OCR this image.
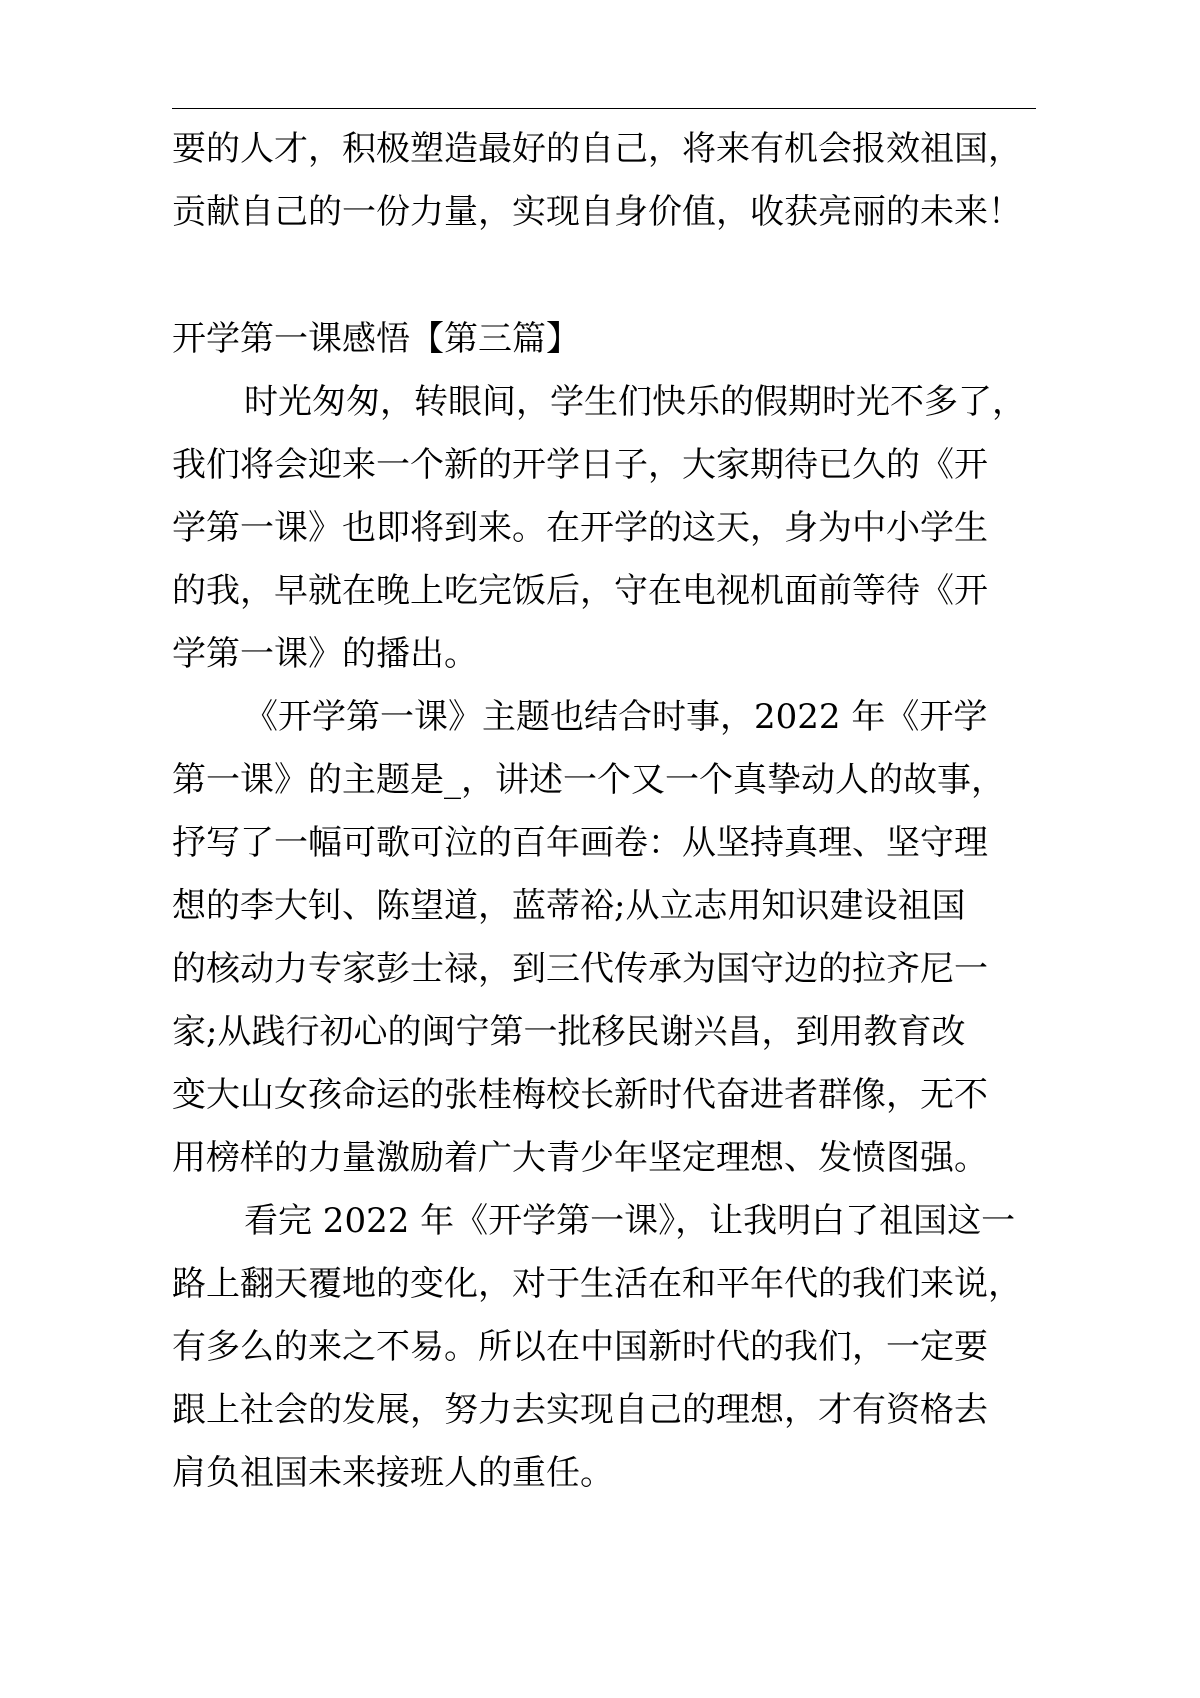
要的人才，积极塑造最好的自己，将来有机会报效祖国，
贡献自己的一份力量，实现自身价值，收获亮丽的未来！
开学第一课感悟【第三篇】
时光匆匆，转眼间，学生们快乐的假期时光不多了，
我们将会迎来一个新的开学日子，大家期待已久的《开
学第一课》也即将到来。在开学的这天，身为中小学生
的我，早就在晚上吃完饭后，守在电视机面前等待《开
学第一课》的播出。
《开学第一课》主题也结合时事，2022 年《开学
第一课》的主题是_，讲述一个又一个真挚动人的故事，
抒写了一幅可歌可泣的百年画卷：从坚持真理、坚守理
想的李大钊、陈望道，蓝蒂裕;从立志用知识建设祖国
的核动力专家彭士禄，到三代传承为国守边的拉齐尼一
家;从践行初心的闽宁第一批移民谢兴昌，到用教育改
变大山女孩命运的张桂梅校长新时代奋进者群像，无不
用榜样的力量激励着广大青少年坚定理想、发愤图强。
看完 2022 年《开学第一课》，让我明白了祖国这一
路上翻天覆地的变化，对于生活在和平年代的我们来说，
有多么的来之不易。所以在中国新时代的我们，一定要
跟上社会的发展，努力去实现自己的理想，才有资格去
肩负祖国未来接班人的重任。
